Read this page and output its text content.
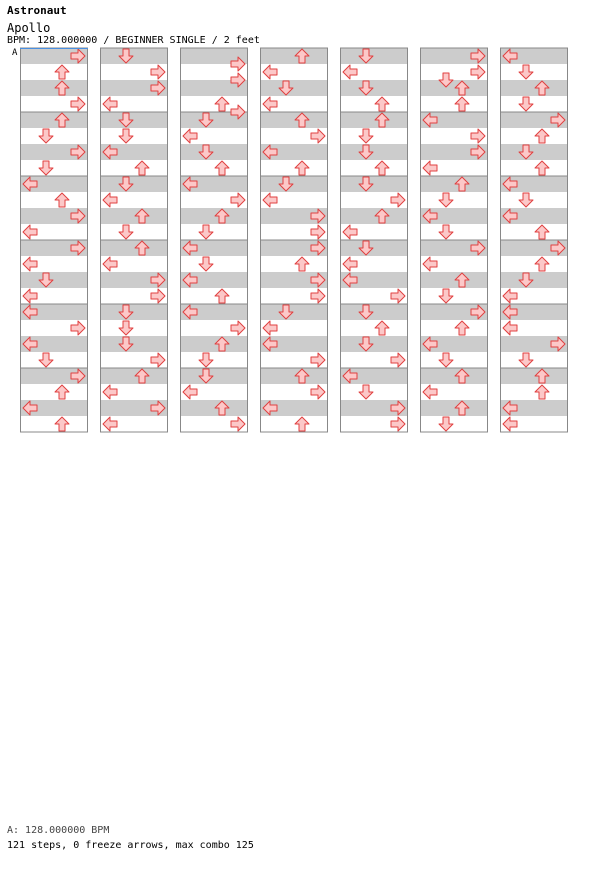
Astronaut
Apollo
BPM: 128.000000 / BEGINNER SINGLE / 2 feet
A
A: 128.000000 BPM
121 steps, 0 freeze arrows, max combo 125
